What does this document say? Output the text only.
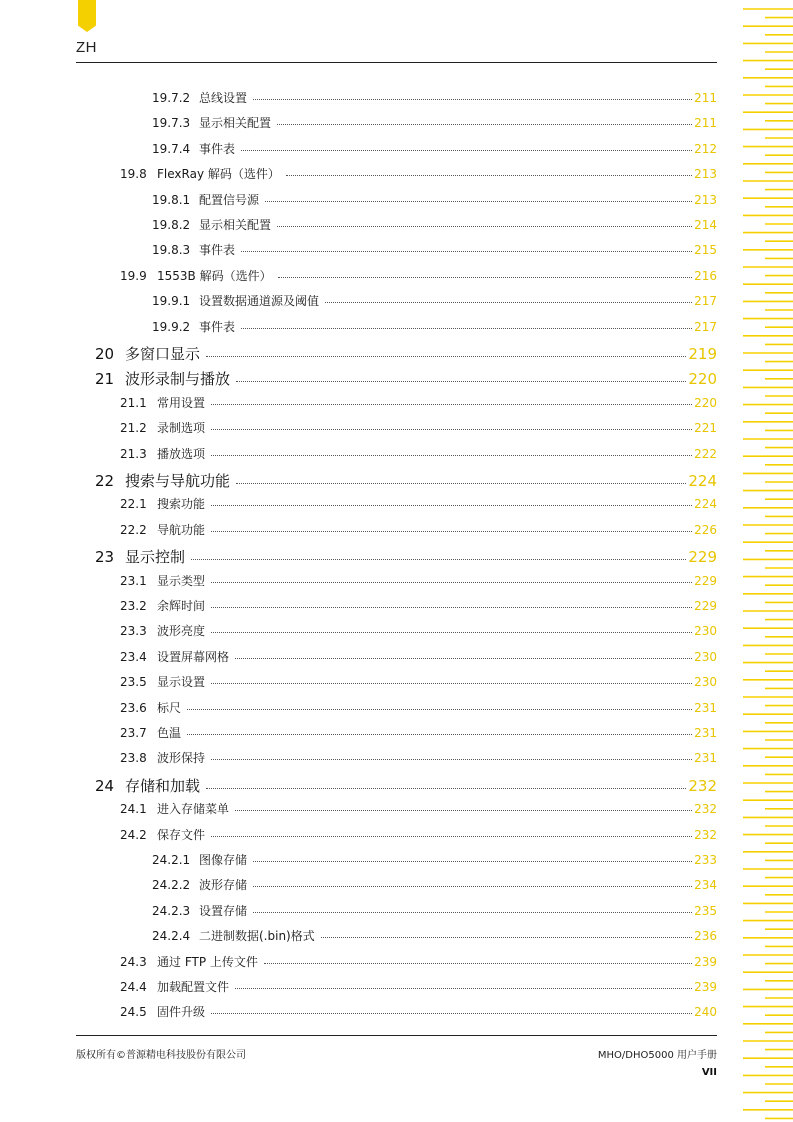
ZH
19.7.2 总线设置	211
19.7.3 显示相关配置	211
19.7.4 事件表	212
19.8 FlexRay 解码（选件）	213
19.8.1 配置信号源	213
19.8.2 显示相关配置	214
19.8.3 事件表	215
19.9 1553B 解码（选件）	216
19.9.1 设置数据通道源及阈值	217
19.9.2 事件表	217
20 多窗口显示	219
21 波形录制与播放	220
21.1 常用设置	220
21.2 录制选项	221
21.3 播放选项	222
22 搜索与导航功能	224
22.1 搜索功能	224
22.2 导航功能	226
23 显示控制	229
23.1 显示类型	229
23.2 余辉时间	229
23.3 波形亮度	230
23.4 设置屏幕网格	230
23.5 显示设置	230
23.6 标尺	231
23.7 色温	231
23.8 波形保持	231
24 存储和加载	232
24.1 进入存储菜单	232
24.2 保存文件	232
24.2.1 图像存储	233
24.2.2 波形存储	234
24.2.3 设置存储	235
24.2.4 二进制数据(.bin)格式	236
24.3 通过 FTP 上传文件	239
24.4 加载配置文件	239
24.5 固件升级	240
版权所有©普源精电科技股份有限公司	MHO/DHO5000 用户手册
VII
